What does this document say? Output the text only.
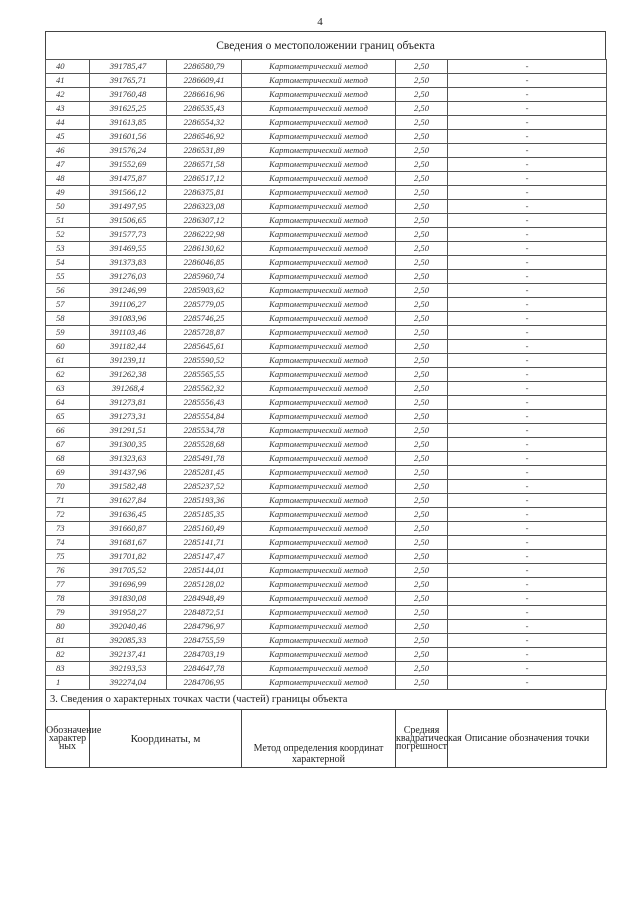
4
Сведения о местоположении границ объекта
40	391785,47	2286580,79	Картометрический метод	2,50	-
41	391765,71	2286609,41	Картометрический метод	2,50	-
42	391760,48	2286616,96	Картометрический метод	2,50	-
43	391625,25	2286535,43	Картометрический метод	2,50	-
44	391613,85	2286554,32	Картометрический метод	2,50	-
45	391601,56	2286546,92	Картометрический метод	2,50	-
46	391576,24	2286531,89	Картометрический метод	2,50	-
47	391552,69	2286571,58	Картометрический метод	2,50	-
48	391475,87	2286517,12	Картометрический метод	2,50	-
49	391566,12	2286375,81	Картометрический метод	2,50	-
50	391497,95	2286323,08	Картометрический метод	2,50	-
51	391506,65	2286307,12	Картометрический метод	2,50	-
52	391577,73	2286222,98	Картометрический метод	2,50	-
53	391469,55	2286130,62	Картометрический метод	2,50	-
54	391373,83	2286046,85	Картометрический метод	2,50	-
55	391276,03	2285960,74	Картометрический метод	2,50	-
56	391246,99	2285903,62	Картометрический метод	2,50	-
57	391106,27	2285779,05	Картометрический метод	2,50	-
58	391083,96	2285746,25	Картометрический метод	2,50	-
59	391103,46	2285728,87	Картометрический метод	2,50	-
60	391182,44	2285645,61	Картометрический метод	2,50	-
61	391239,11	2285590,52	Картометрический метод	2,50	-
62	391262,38	2285565,55	Картометрический метод	2,50	-
63	391268,4	2285562,32	Картометрический метод	2,50	-
64	391273,81	2285556,43	Картометрический метод	2,50	-
65	391273,31	2285554,84	Картометрический метод	2,50	-
66	391291,51	2285534,78	Картометрический метод	2,50	-
67	391300,35	2285528,68	Картометрический метод	2,50	-
68	391323,63	2285491,78	Картометрический метод	2,50	-
69	391437,96	2285281,45	Картометрический метод	2,50	-
70	391582,48	2285237,52	Картометрический метод	2,50	-
71	391627,84	2285193,36	Картометрический метод	2,50	-
72	391636,45	2285185,35	Картометрический метод	2,50	-
73	391660,87	2285160,49	Картометрический метод	2,50	-
74	391681,67	2285141,71	Картометрический метод	2,50	-
75	391701,82	2285147,47	Картометрический метод	2,50	-
76	391705,52	2285144,01	Картометрический метод	2,50	-
77	391696,99	2285128,02	Картометрический метод	2,50	-
78	391830,08	2284948,49	Картометрический метод	2,50	-
79	391958,27	2284872,51	Картометрический метод	2,50	-
80	392040,46	2284796,97	Картометрический метод	2,50	-
81	392085,33	2284755,59	Картометрический метод	2,50	-
82	392137,41	2284703,19	Картометрический метод	2,50	-
83	392193,53	2284647,78	Картометрический метод	2,50	-
1	392274,04	2284706,95	Картометрический метод	2,50	-
3. Сведения о характерных точках части (частей) границы объекта
Обозначение характер ных	Координаты, м	Метод определения координат характерной	Средняя квадратическая погрешност	Описание обозначения точки
